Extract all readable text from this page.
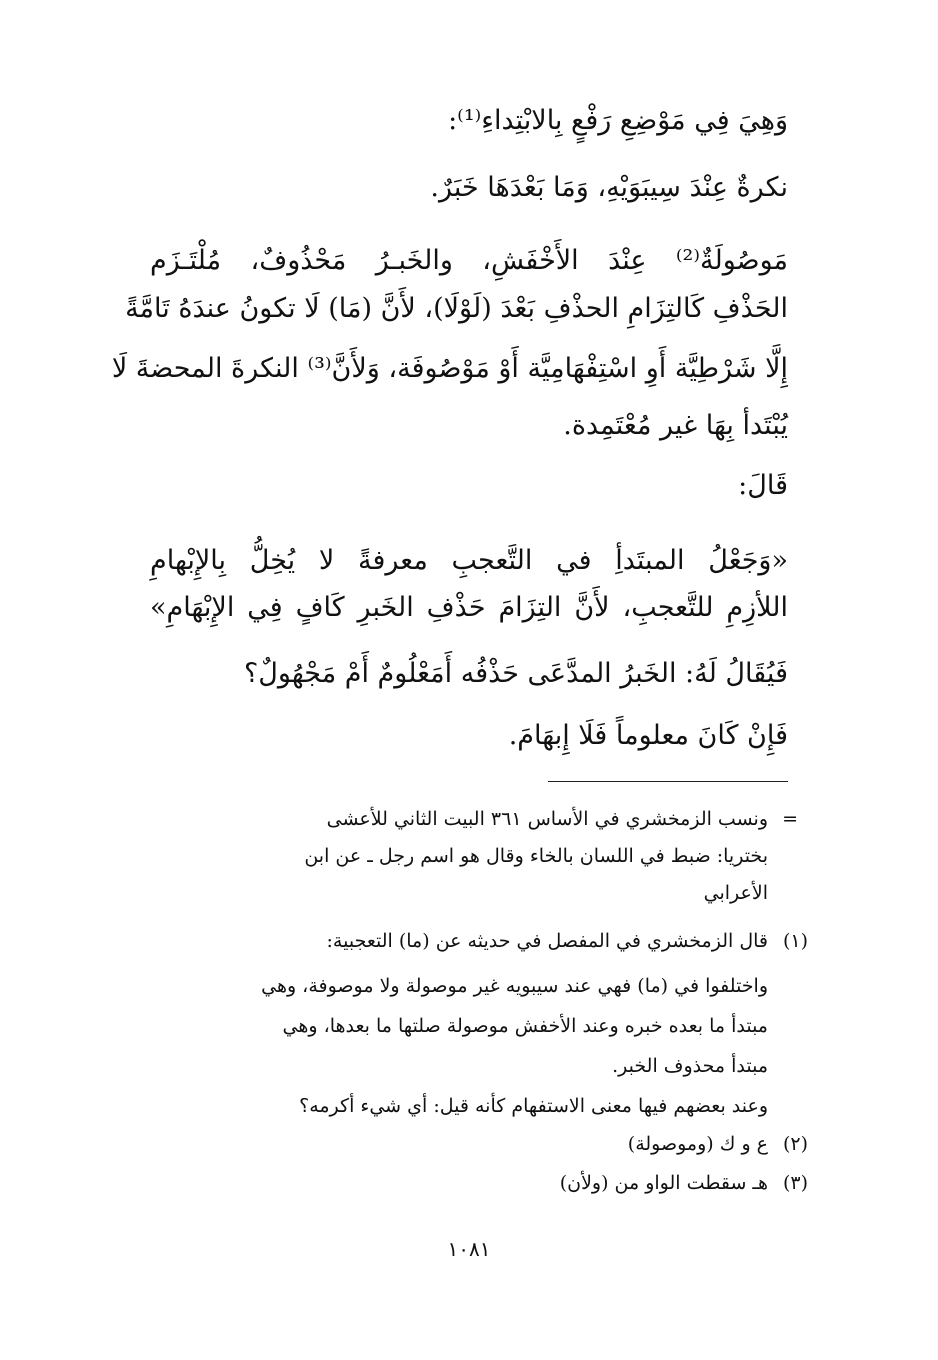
وَهِيَ فِي مَوْضِعِ رَفْعٍ بِالابْتِداءِ⁽¹⁾:
نكرةٌ عِنْدَ سِيبَوَيْهِ، وَمَا بَعْدَهَا خَبَرٌ.
مَوصُولَةٌ⁽²⁾ عِنْدَ الأَخْفَشِ، والخَبـرُ مَحْذُوفٌ، مُلْتَـزَم
الحَذْفِ كَالتِزَامِ الحذْفِ بَعْدَ (لَوْلَا)، لأَنَّ (مَا) لَا تكونُ عندَهُ تَامَّةً
إِلَّا شَرْطِيَّة أَوِ اسْتِفْهَامِيَّة أَوْ مَوْصُوفَة، وَلأَنَّ⁽³⁾ النكرةَ المحضةَ لَا
يُبْتَدأ بِهَا غير مُعْتَمِدة.
قَالَ:
«وَجَعْلُ المبتَدأِ في التَّعجبِ معرفةً لا يُخِلُّ بِالإِبْهامِ
اللأزِمِ للتَّعجبِ، لأَنَّ التِزَامَ حَذْفِ الخَبرِ كَافٍ فِي الإِبْهَامِ»
فَيُقَالُ لَهُ: الخَبرُ المدَّعَى حَذْفُه أَمَعْلُومٌ أَمْ مَجْهُولٌ؟
فَإِنْ كَانَ معلوماً فَلَا إِبهَامَ.
=
ونسب الزمخشري في الأساس ٣٦١ البيت الثاني للأعشى
بختريا: ضبط في اللسان بالخاء وقال هو اسم رجل ـ عن ابن
الأعرابي
(١)
قال الزمخشري في المفصل في حديثه عن (ما) التعجبية:
واختلفوا في (ما) فهي عند سيبويه غير موصولة ولا موصوفة، وهي
مبتدأ ما بعده خبره وعند الأخفش موصولة صلتها ما بعدها، وهي
مبتدأ محذوف الخبر.
وعند بعضهم فيها معنى الاستفهام كأنه قيل: أي شيء أكرمه؟
(٢)
ع و ك (وموصولة)
(٣)
هـ سقطت الواو من (ولأن)
١٠٨١
